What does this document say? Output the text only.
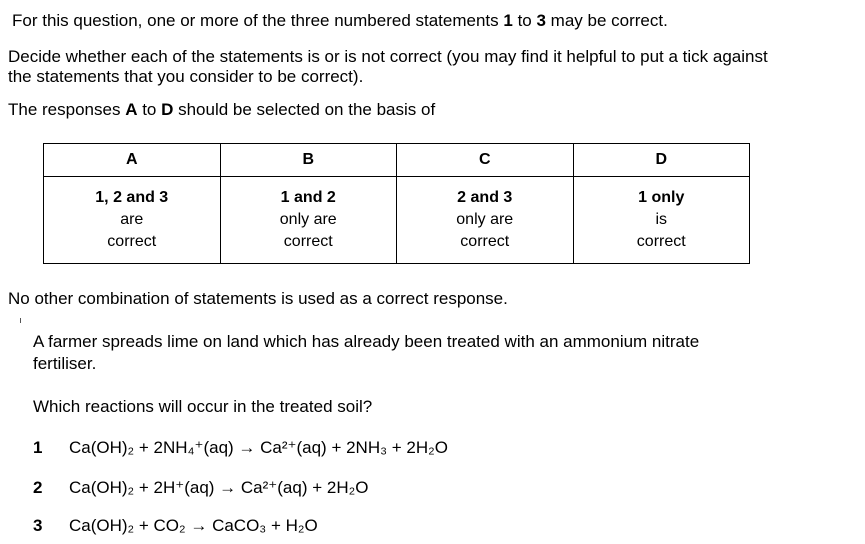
For this question, one or more of the three numbered statements 1 to 3 may be correct.
Decide whether each of the statements is or is not correct (you may find it helpful to put a tick against
the statements that you consider to be correct).
The responses A to D should be selected on the basis of
A	B	C	D
1, 2 and 3
are
correct	1 and 2
only are
correct	2 and 3
only are
correct	1 only
is
correct
No other combination of statements is used as a correct response.
A farmer spreads lime on land which has already been treated with an ammonium nitrate
fertiliser.
Which reactions will occur in the treated soil?
1 Ca(OH)₂ + 2NH₄⁺(aq) → Ca²⁺(aq) + 2NH₃ + 2H₂O
2 Ca(OH)₂ + 2H⁺(aq) → Ca²⁺(aq) + 2H₂O
3 Ca(OH)₂ + CO₂ → CaCO₃ + H₂O
